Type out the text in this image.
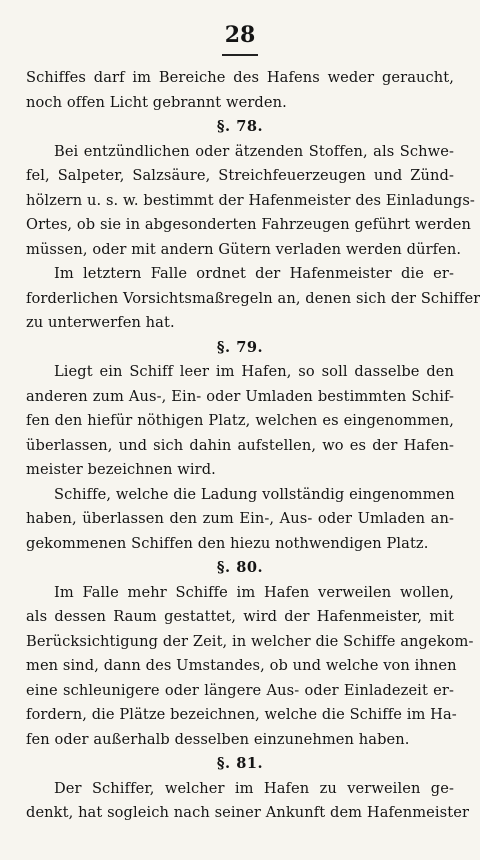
28
Schiffes darf im Bereiche des Hafens weder geraucht,
noch offen Licht gebrannt werden.
§. 78.
Bei entzündlichen oder ätzenden Stoffen, als Schwe-
fel, Salpeter, Salzsäure, Streichfeuerzeugen und Zünd-
hölzern u. s. w. bestimmt der Hafenmeister des Einladungs-
Ortes, ob sie in abgesonderten Fahrzeugen geführt werden
müssen, oder mit andern Gütern verladen werden dürfen.
Im letztern Falle ordnet der Hafenmeister die er-
forderlichen Vorsichtsmaßregeln an, denen sich der Schiffer
zu unterwerfen hat.
§. 79.
Liegt ein Schiff leer im Hafen, so soll dasselbe den
anderen zum Aus-, Ein- oder Umladen bestimmten Schif-
fen den hiefür nöthigen Platz, welchen es eingenommen,
überlassen, und sich dahin aufstellen, wo es der Hafen-
meister bezeichnen wird.
Schiffe, welche die Ladung vollständig eingenommen
haben, überlassen den zum Ein-, Aus- oder Umladen an-
gekommenen Schiffen den hiezu nothwendigen Platz.
§. 80.
Im Falle mehr Schiffe im Hafen verweilen wollen,
als dessen Raum gestattet, wird der Hafenmeister, mit
Berücksichtigung der Zeit, in welcher die Schiffe angekom-
men sind, dann des Umstandes, ob und welche von ihnen
eine schleunigere oder längere Aus- oder Einladezeit er-
fordern, die Plätze bezeichnen, welche die Schiffe im Ha-
fen oder außerhalb desselben einzunehmen haben.
§. 81.
Der Schiffer, welcher im Hafen zu verweilen ge-
denkt, hat sogleich nach seiner Ankunft dem Hafenmeister
